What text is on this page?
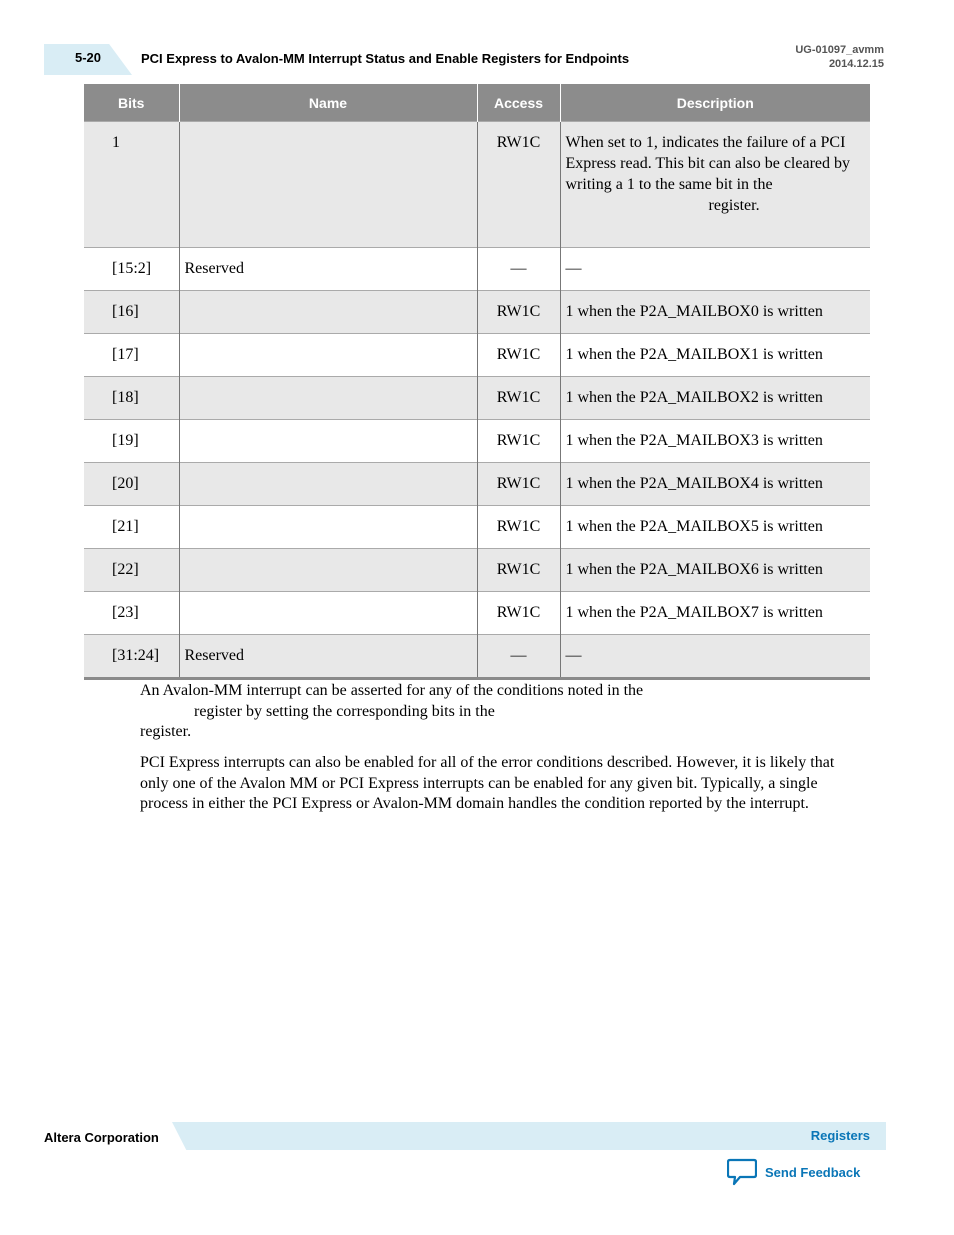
5-20	PCI Express to Avalon-MM Interrupt Status and Enable Registers for Endpoints
UG-01097_avmm
2014.12.15
Bits	Name	Access	Description
1		RW1C	When set to 1, indicates the failure of a PCI Express read. This bit can also be cleared by writing a 1 to the same bit in the
register.

[15:2]	Reserved	—	—
[16]		RW1C	1 when the P2A_MAILBOX0 is written
[17]		RW1C	1 when the P2A_MAILBOX1 is written
[18]		RW1C	1 when the P2A_MAILBOX2 is written
[19]		RW1C	1 when the P2A_MAILBOX3 is written
[20]		RW1C	1 when the P2A_MAILBOX4 is written
[21]		RW1C	1 when the P2A_MAILBOX5 is written
[22]		RW1C	1 when the P2A_MAILBOX6 is written
[23]		RW1C	1 when the P2A_MAILBOX7 is written
[31:24]	Reserved	—	—
An Avalon-MM interrupt can be asserted for any of the conditions noted in the
register by setting the corresponding bits in the
register.
PCI Express interrupts can also be enabled for all of the error conditions described. However, it is likely that only one of the Avalon MM or PCI Express interrupts can be enabled for any given bit. Typically, a single process in either the PCI Express or Avalon-MM domain handles the condition reported by the interrupt.
Altera Corporation	Registers
Send Feedback
